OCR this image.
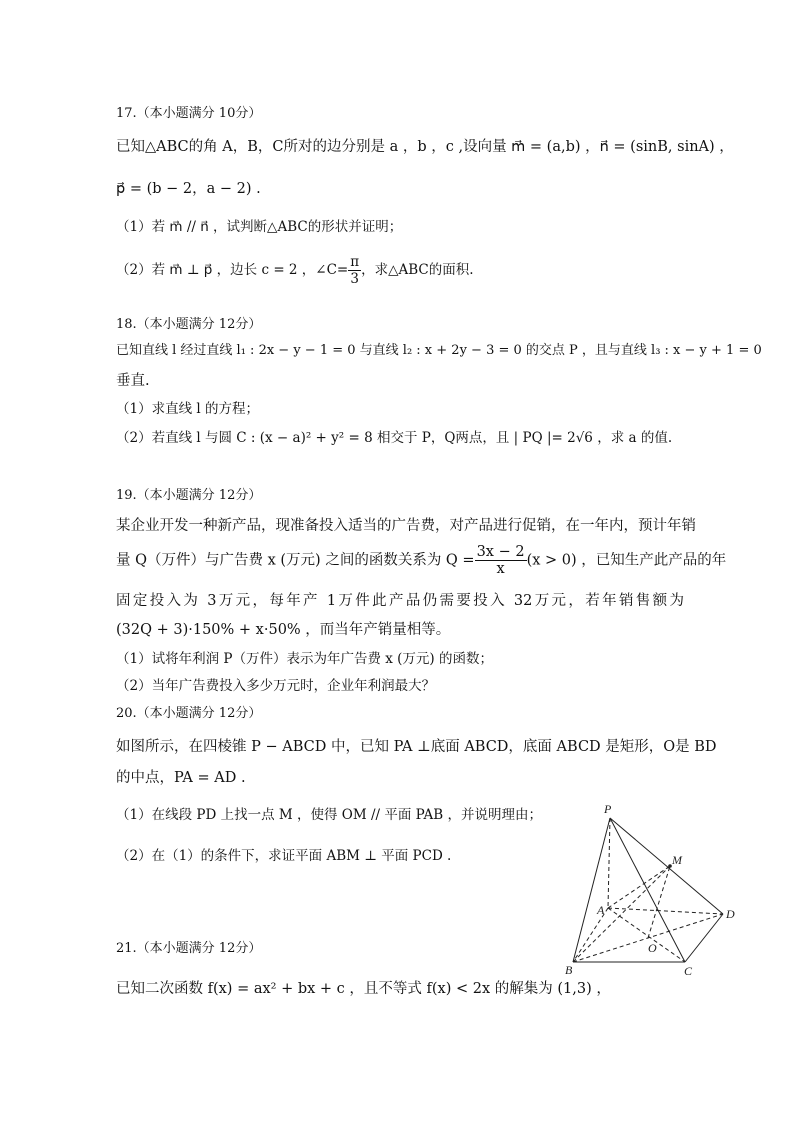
17.（本小题满分 10分）
已知△ABC的角 A，B，C所对的边分别是 a ，b ，c ,设向量 m⃗ = (a,b) ，n⃗ = (sinB, sinA) ，
p⃗ = (b − 2，a − 2) .
（1）若 m⃗ // n⃗ ，试判断△ABC的形状并证明；
（2）若 m⃗ ⊥ p⃗ ，边长 c = 2 ，∠C= $\frac{\pi}{3}$ ，求△ABC的面积.
18.（本小题满分 12分）
已知直线 l 经过直线 l₁ : 2x − y − 1 = 0 与直线 l₂ : x + 2y − 3 = 0 的交点 P ，且与直线 l₃ : x − y + 1 = 0
垂直.
（1）求直线 l 的方程；
（2）若直线 l 与圆 C : (x − a)² + y² = 8 相交于 P，Q两点，且 | PQ |= 2√6 ，求 a 的值.
19.（本小题满分 12分）
某企业开发一种新产品，现准备投入适当的广告费，对产品进行促销，在一年内，预计年销
量 Q（万件）与广告费 x (万元) 之间的函数关系为 $Q = \frac{3x - 2}{x} (x > 0)$ ，已知生产此产品的年
固定投入为 3万元，每年产 1万件此产品仍需要投入 32万元，若年销售额为
(32Q + 3)·150% + x·50% ，而当年产销量相等。
（1）试将年利润 P（万件）表示为年广告费 x (万元) 的函数；
（2）当年广告费投入多少万元时，企业年利润最大？
20.（本小题满分 12分）
如图所示，在四棱锥 P − ABCD 中，已知 PA ⊥底面 ABCD，底面 ABCD 是矩形，O是 BD
的中点，PA = AD .
（1）在线段 PD 上找一点 M ，使得 OM // 平面 PAB ，并说明理由；
（2）在（1）的条件下，求证平面 ABM ⊥ 平面 PCD .
21.（本小题满分 12分）
已知二次函数 f(x) = ax² + bx + c ，且不等式 f(x) < 2x 的解集为 (1,3) ，
P
M
A	D
O
B	C
